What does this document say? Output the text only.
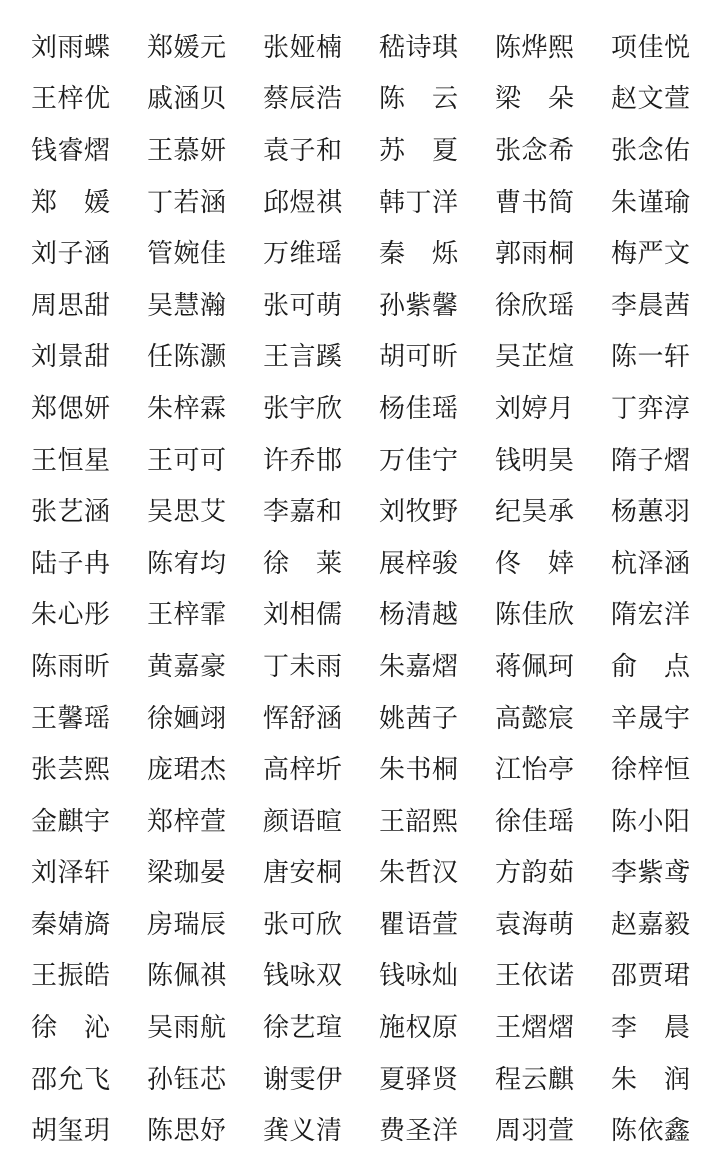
刘雨蝶	郑媛元	张娅楠	嵇诗琪	陈烨熙	项佳悦
王梓优	戚涵贝	蔡辰浩	陈　云	梁　朵	赵文萱
钱睿熠	王慕妍	袁子和	苏　夏	张念希	张念佑
郑　媛	丁若涵	邱煜祺	韩丁洋	曹书简	朱谨瑜
刘子涵	管婉佳	万维瑶	秦　烁	郭雨桐	梅严文
周思甜	吴慧瀚	张可萌	孙紫馨	徐欣瑶	李晨茜
刘景甜	任陈灏	王言蹊	胡可昕	吴芷煊	陈一轩
郑偲妍	朱梓霖	张宇欣	杨佳瑶	刘婷月	丁弈淳
王恒星	王可可	许乔邯	万佳宁	钱明昊	隋子熠
张艺涵	吴思艾	李嘉和	刘牧野	纪昊承	杨蕙羽
陆子冉	陈宥均	徐　莱	展梓骏	佟　婞	杭泽涵
朱心彤	王梓霏	刘相儒	杨清越	陈佳欣	隋宏洋
陈雨昕	黄嘉豪	丁未雨	朱嘉熠	蒋佩珂	俞　点
王馨瑶	徐婳翊	恽舒涵	姚茜子	高懿宸	辛晟宇
张芸熙	庞珺杰	高梓圻	朱书桐	江怡亭	徐梓恒
金麒宇	郑梓萱	颜语暄	王韶熙	徐佳瑶	陈小阳
刘泽轩	梁珈晏	唐安桐	朱哲汉	方韵茹	李紫鸢
秦婧旖	房瑞辰	张可欣	瞿语萱	袁海萌	赵嘉毅
王振皓	陈佩祺	钱咏双	钱咏灿	王依诺	邵贾珺
徐　沁	吴雨航	徐艺瑄	施权原	王熠熠	李　晨
邵允飞	孙钰芯	谢雯伊	夏驿贤	程云麒	朱　润
胡玺玥	陈思妤	龚义清	费圣洋	周羽萱	陈依鑫
